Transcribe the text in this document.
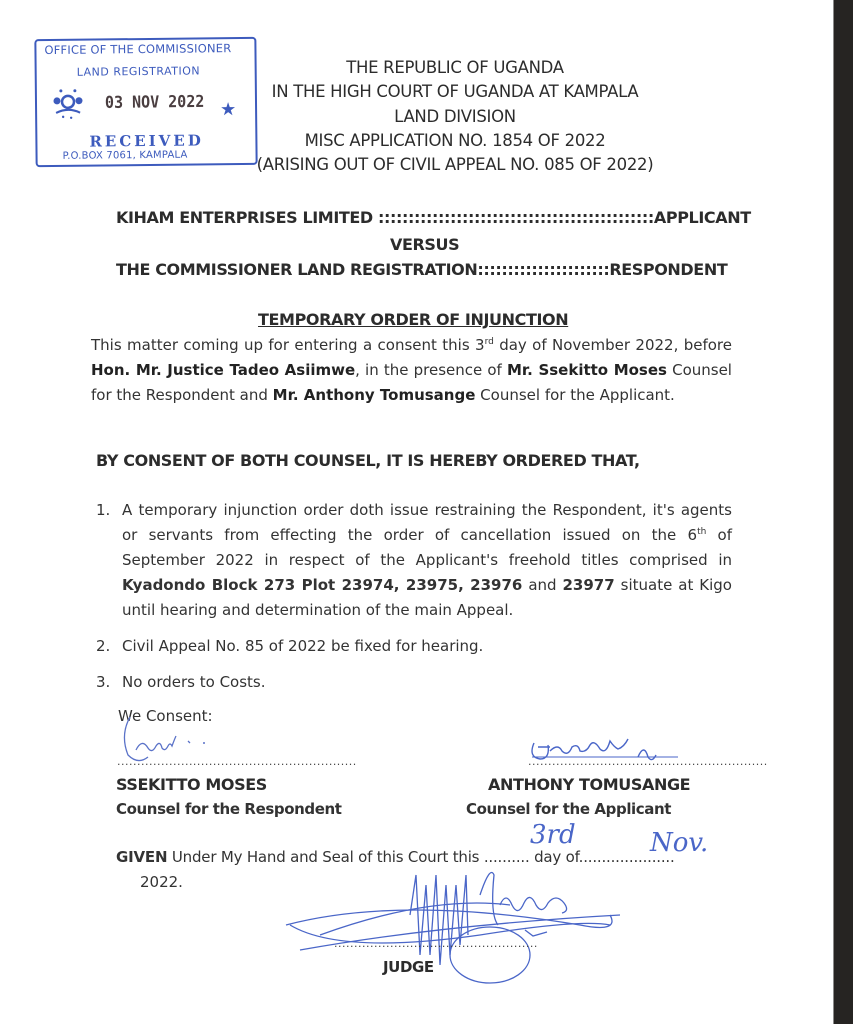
OFFICE OF THE COMMISSIONER
LAND REGISTRATION
03 NOV 2022 ★
RECEIVED
P.O.BOX 7061, KAMPALA
THE REPUBLIC OF UGANDA
IN THE HIGH COURT OF UGANDA AT KAMPALA
LAND DIVISION
MISC APPLICATION NO. 1854 OF 2022
(ARISING OUT OF CIVIL APPEAL NO. 085 OF 2022)
KIHAM ENTERPRISES LIMITED ::::::::::::::::::::::::::::::::::::::::::::::APPLICANT
VERSUS
THE COMMISSIONER LAND REGISTRATION::::::::::::::::::::::RESPONDENT
TEMPORARY ORDER OF INJUNCTION
This matter coming up for entering a consent this 3rd day of November 2022, before Hon. Mr. Justice Tadeo Asiimwe, in the presence of Mr. Ssekitto Moses Counsel for the Respondent and Mr. Anthony Tomusange Counsel for the Applicant.
BY CONSENT OF BOTH COUNSEL, IT IS HEREBY ORDERED THAT,
1. A temporary injunction order doth issue restraining the Respondent, it's agents or servants from effecting the order of cancellation issued on the 6th of September 2022 in respect of the Applicant's freehold titles comprised in Kyadondo Block 273 Plot 23974, 23975, 23976 and 23977 situate at Kigo until hearing and determination of the main Appeal.
2. Civil Appeal No. 85 of 2022 be fixed for hearing.
3. No orders to Costs.
We Consent:
............................................................	............................................................
SSEKITTO MOSES
Counsel for the Respondent
ANTHONY TOMUSANGE
Counsel for the Applicant
GIVEN Under My Hand and Seal of this Court this .......... day of.....................
2022.
3rd	Nov.
...................................................
JUDGE
